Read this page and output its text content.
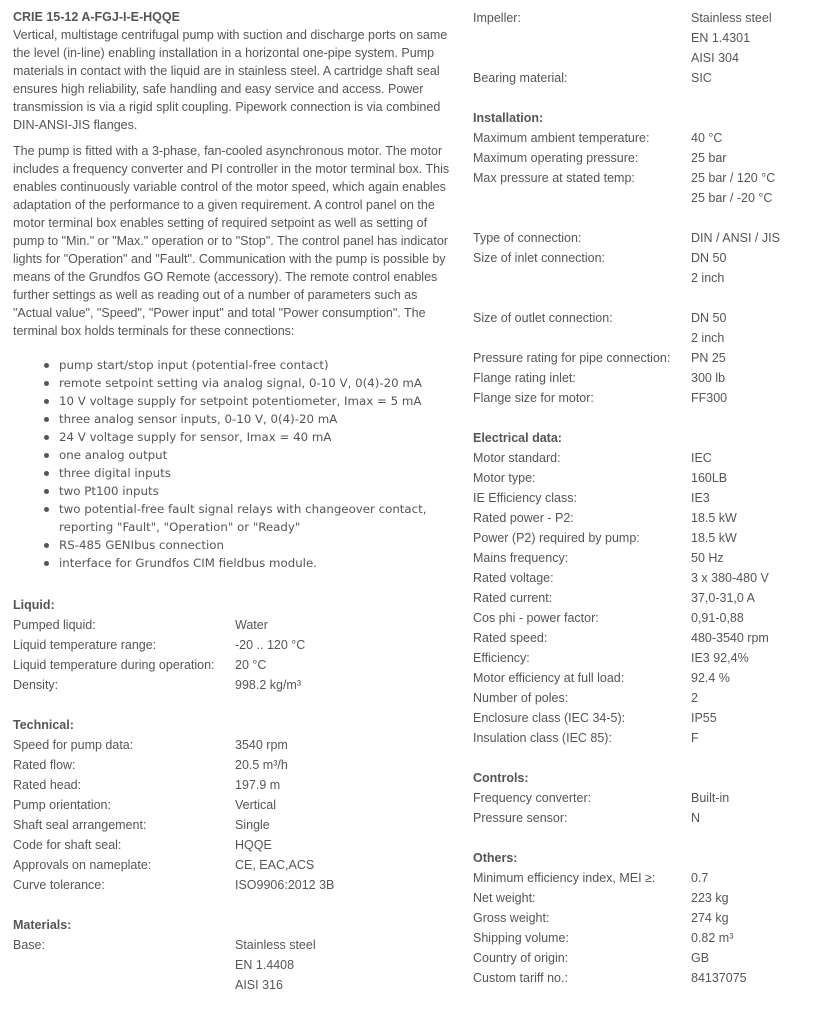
CRIE 15-12 A-FGJ-I-E-HQQE
Vertical, multistage centrifugal pump with suction and discharge ports on same the level (in-line) enabling installation in a horizontal one-pipe system. Pump materials in contact with the liquid are in stainless steel. A cartridge shaft seal ensures high reliability, safe handling and easy service and access. Power transmission is via a rigid split coupling. Pipework connection is via combined DIN-ANSI-JIS flanges.
The pump is fitted with a 3-phase, fan-cooled asynchronous motor. The motor includes a frequency converter and PI controller in the motor terminal box. This enables continuously variable control of the motor speed, which again enables adaptation of the performance to a given requirement. A control panel on the motor terminal box enables setting of required setpoint as well as setting of pump to "Min." or "Max." operation or to "Stop". The control panel has indicator lights for "Operation" and "Fault". Communication with the pump is possible by means of the Grundfos GO Remote (accessory). The remote control enables further settings as well as reading out of a number of parameters such as "Actual value", "Speed", "Power input" and total "Power consumption". The terminal box holds terminals for these connections:
pump start/stop input (potential-free contact)
remote setpoint setting via analog signal, 0-10 V, 0(4)-20 mA
10 V voltage supply for setpoint potentiometer, Imax = 5 mA
three analog sensor inputs, 0-10 V, 0(4)-20 mA
24 V voltage supply for sensor, Imax = 40 mA
one analog output
three digital inputs
two Pt100 inputs
two potential-free fault signal relays with changeover contact, reporting "Fault", "Operation" or "Ready"
RS-485 GENIbus connection
interface for Grundfos CIM fieldbus module.
Liquid:
Pumped liquid:	Water
Liquid temperature range:	-20 .. 120 °C
Liquid temperature during operation:	20 °C
Density:	998.2 kg/m³
Technical:
Speed for pump data:	3540 rpm
Rated flow:	20.5 m³/h
Rated head:	197.9 m
Pump orientation:	Vertical
Shaft seal arrangement:	Single
Code for shaft seal:	HQQE
Approvals on nameplate:	CE, EAC,ACS
Curve tolerance:	ISO9906:2012 3B
Materials:
Base:	Stainless steel
EN 1.4408
AISI 316
Impeller:	Stainless steel
EN 1.4301
AISI 304
Bearing material:	SIC
Installation:
Maximum ambient temperature:	40 °C
Maximum operating pressure:	25 bar
Max pressure at stated temp:	25 bar / 120 °C
25 bar / -20 °C

Type of connection:	DIN / ANSI / JIS
Size of inlet connection:	DN 50
2 inch

Size of outlet connection:	DN 50
2 inch
Pressure rating for pipe connection:	PN 25
Flange rating inlet:	300 lb
Flange size for motor:	FF300
Electrical data:
Motor standard:	IEC
Motor type:	160LB
IE Efficiency class:	IE3
Rated power - P2:	18.5 kW
Power (P2) required by pump:	18.5 kW
Mains frequency:	50 Hz
Rated voltage:	3 x 380-480 V
Rated current:	37,0-31,0 A
Cos phi - power factor:	0,91-0,88
Rated speed:	480-3540 rpm
Efficiency:	IE3 92,4%
Motor efficiency at full load:	92.4 %
Number of poles:	2
Enclosure class (IEC 34-5):	IP55
Insulation class (IEC 85):	F
Controls:
Frequency converter:	Built-in
Pressure sensor:	N
Others:
Minimum efficiency index, MEI ≥:	0.7
Net weight:	223 kg
Gross weight:	274 kg
Shipping volume:	0.82 m³
Country of origin:	GB
Custom tariff no.:	84137075
